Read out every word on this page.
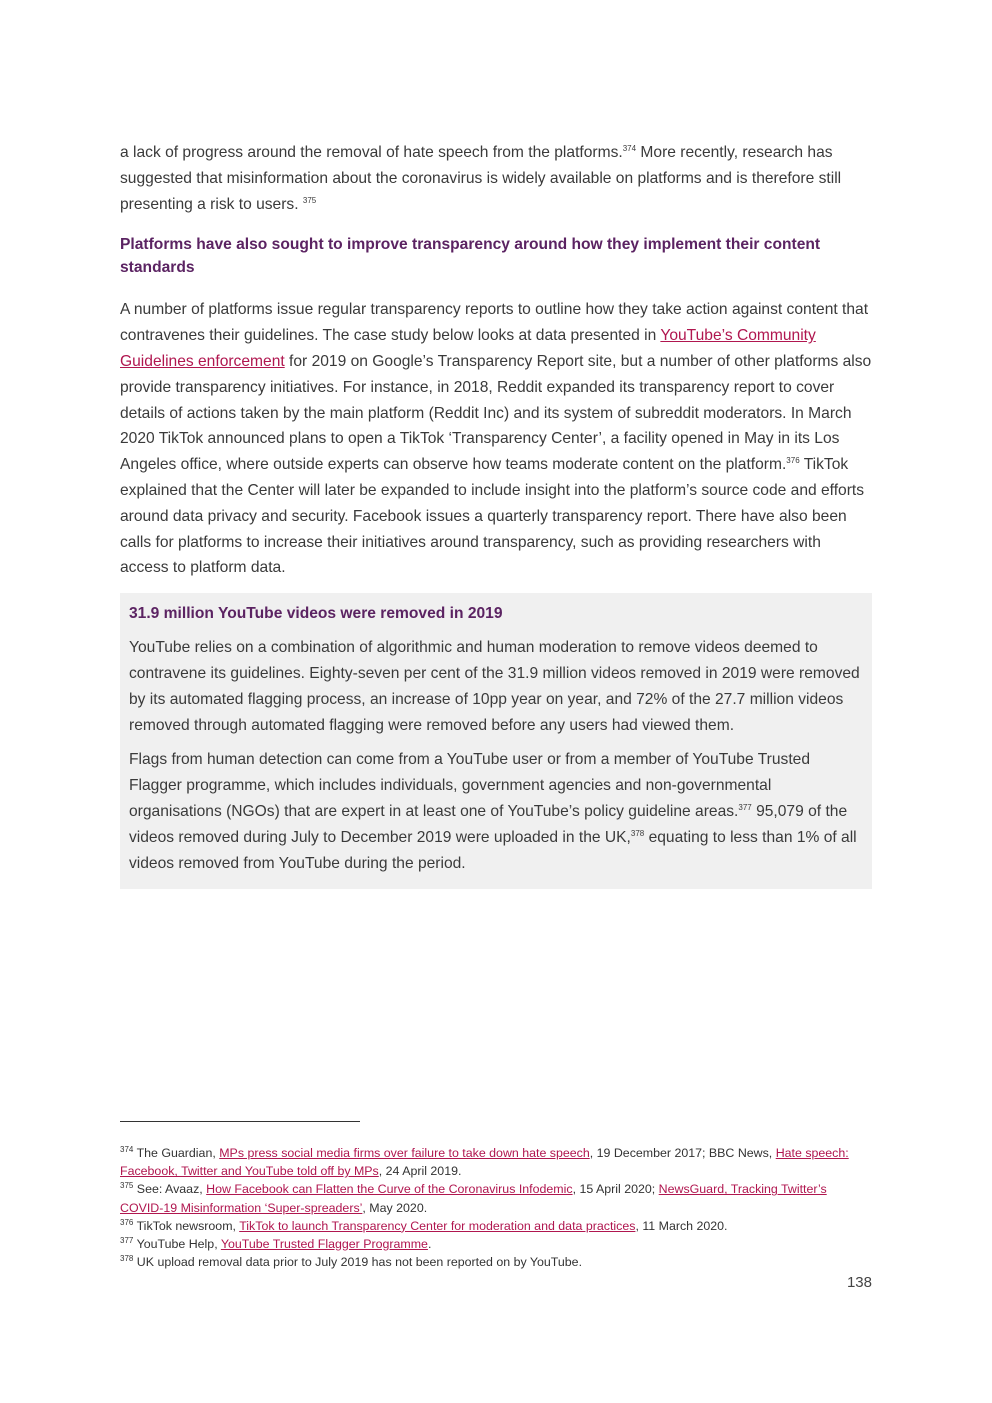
a lack of progress around the removal of hate speech from the platforms.$^{374}$ More recently, research has suggested that misinformation about the coronavirus is widely available on platforms and is therefore still presenting a risk to users. $^{375}$

Platforms have also sought to improve transparency around how they implement their content standards

A number of platforms issue regular transparency reports to outline how they take action against content that contravenes their guidelines. The case study below looks at data presented in YouTube’s Community Guidelines enforcement for 2019 on Google’s Transparency Report site, but a number of other platforms also provide transparency initiatives. For instance, in 2018, Reddit expanded its transparency report to cover details of actions taken by the main platform (Reddit Inc) and its system of subreddit moderators. In March 2020 TikTok announced plans to open a TikTok ‘Transparency Center’, a facility opened in May in its Los Angeles office, where outside experts can observe how teams moderate content on the platform.$^{376}$ TikTok explained that the Center will later be expanded to include insight into the platform’s source code and efforts around data privacy and security. Facebook issues a quarterly transparency report. There have also been calls for platforms to increase their initiatives around transparency, such as providing researchers with access to platform data.

31.9 million YouTube videos were removed in 2019

YouTube relies on a combination of algorithmic and human moderation to remove videos deemed to contravene its guidelines. Eighty-seven per cent of the 31.9 million videos removed in 2019 were removed by its automated flagging process, an increase of 10pp year on year, and 72% of the 27.7 million videos removed through automated flagging were removed before any users had viewed them.

Flags from human detection can come from a YouTube user or from a member of YouTube Trusted Flagger programme, which includes individuals, government agencies and non-governmental organisations (NGOs) that are expert in at least one of YouTube’s policy guideline areas.$^{377}$ 95,079 of the videos removed during July to December 2019 were uploaded in the UK,$^{378}$ equating to less than 1% of all videos removed from YouTube during the period.

$^{374}$ The Guardian, MPs press social media firms over failure to take down hate speech, 19 December 2017; BBC News, Hate speech: Facebook, Twitter and YouTube told off by MPs, 24 April 2019.
$^{375}$ See: Avaaz, How Facebook can Flatten the Curve of the Coronavirus Infodemic, 15 April 2020; NewsGuard, Tracking Twitter’s COVID-19 Misinformation ‘Super-spreaders’, May 2020.
$^{376}$ TikTok newsroom, TikTok to launch Transparency Center for moderation and data practices, 11 March 2020.
$^{377}$ YouTube Help, YouTube Trusted Flagger Programme.
$^{378}$ UK upload removal data prior to July 2019 has not been reported on by YouTube.
138
